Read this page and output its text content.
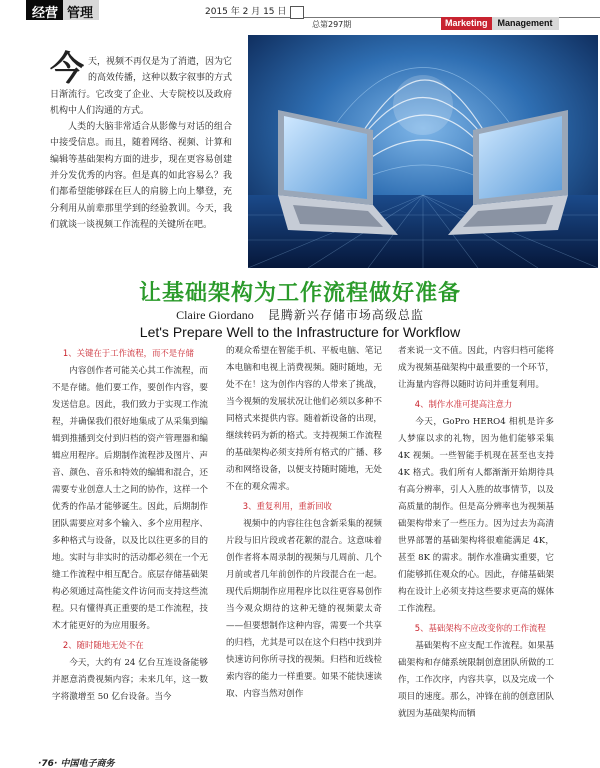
经营 管理	2015 年 2 月 15 日
总第297期	Marketing	Management

今天，视频不再仅是为了消遣，因为它的高效传播，这种以数字叙事的方式日渐流行。它改变了企业、大专院校以及政府机构中人们沟通的方式。

人类的大脑非常适合从影像与对话的组合中接受信息。而且，随着网络、视频、计算和编辑等基础架构方面的进步，现在更容易创建并分发优秀的内容。但是真的如此容易么？我们都希望能够踩在巨人的肩膀上向上攀登，充分利用从前辈那里学到的经验教训。今天，我们就谈一谈视频工作流程的关键所在吧。

让基础架构为工作流程做好准备
Claire Giordano 昆腾新兴存储市场高级总监
Let's Prepare Well to the Infrastructure for Workflow
1、关键在于工作流程，而不是存储

内容创作者可能关心其工作流程，而不是存储。他们要工作，要创作内容，要发送信息。因此，我们致力于实现工作流程，并确保我们很好地集成了从采集到编辑到推播到交付到归档的资产管理器和编辑应用程序。后期制作流程涉及图片、声音、颜色、音乐和特效的编辑和混合，还需要专业创意人士之间的协作，这样一个优秀的作品才能够诞生。因此，后期制作团队需要应对多个输入、多个应用程序、多种格式与设备，以及比以往更多的目的地。实时与非实时的活动都必须在一个无缝工作流程中相互配合。底层存储基础架构必须通过高性能文件访问而支持这些流程。只有懂得真正重要的是工作流程，技术才能更好的为应用服务。

2、随时随地无处不在

今天，大约有 24 亿台互连设备能够并愿意消费视频内容；未来几年，这一数字将激增至 50 亿台设备。当今

的观众希望在智能手机、平板电脑、笔记本电脑和电视上消费视频。随时随地，无处不在！这为创作内容的人带来了挑战，当今视频的发展状况让他们必须以多种不同格式来提供内容。随着新设备的出现，继续转码为新的格式。支持视频工作流程的基础架构必须支持所有格式的广播、移动和网络设备，以便支持随时随地，无处不在的观众需求。

3、重复利用，重新回收

视频中的内容往往包含新采集的视频片段与旧片段或者花絮的混合。这意味着创作者将本周录制的视频与几周前、几个月前或者几年前创作的片段混合在一起。现代后期制作应用程序比以往更容易创作当今观众期待的这种无缝的视频蒙太奇——但要想制作这种内容，需要一个共享的归档，尤其是可以在这个归档中找到并快速访问你所寻找的视频。归档和近线检索内容的能力一样重要。如果不能快速读取、内容当然对创作

者来说一文不值。因此，内容归档可能将成为视频基础架构中最重要的一个环节，让海量内容得以随时访问并重复利用。

4、制作水准可提高注意力

今天，GoPro HERO4 相机是许多人梦寐以求的礼物，因为他们能够采集 4K 视频。一些智能手机现在甚至也支持 4K 格式。我们所有人都渐渐开始期待具有高分辨率，引人入胜的故事情节，以及高质量的制作。但是高分辨率也为视频基础架构带来了一些压力。因为过去为高清世界部署的基础架构将很难能满足 4K，甚至 8K 的需求。制作水准确实重要，它们能够抓住观众的心。因此，存储基础架构在设计上必须支持这些要求更高的媒体工作流程。

5、基础架构不应改变你的工作流程

基础架构不应支配工作流程。如果基础架构和存储系统限制创意团队所做的工作，工作次序，内容共享，以及完成一个项目的速度。那么，冲锋在前的创意团队就因为基础架构而牺

·76· 中国电子商务
